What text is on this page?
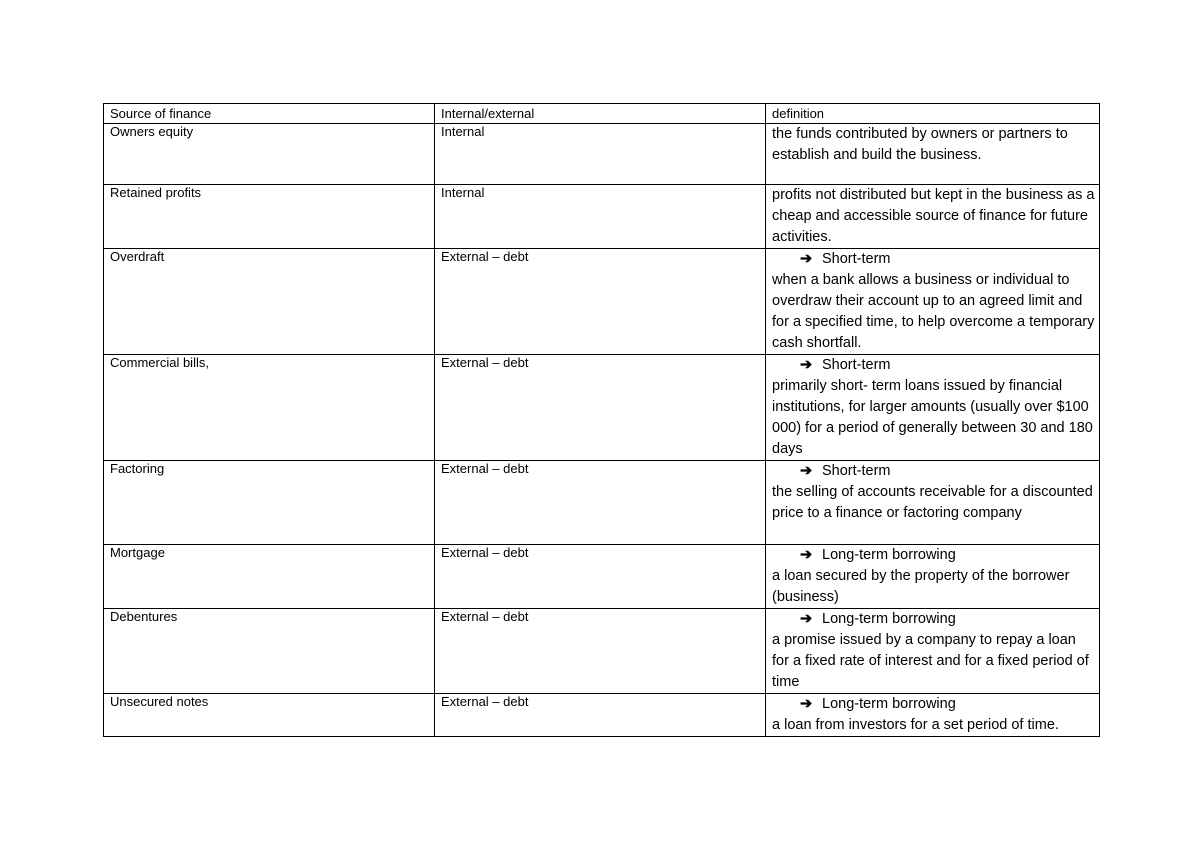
Source of finance	Internal/external	definition
Owners equity	Internal	the funds contributed by owners or partners to establish and build the business.

Retained profits	Internal	profits not distributed but kept in the business as a cheap and accessible source of finance for future activities.

Overdraft	External – debt	➔ Short-term
when a bank allows a business or individual to overdraw their account up to an agreed limit and for a specified time, to help overcome a temporary cash shortfall.

Commercial bills,	External – debt	➔ Short-term
primarily short- term loans issued by financial institutions, for larger amounts (usually over $100 000) for a period of generally between 30 and 180 days

Factoring	External – debt	➔ Short-term
the selling of accounts receivable for a discounted price to a finance or factoring company

Mortgage	External – debt	➔ Long-term borrowing
a loan secured by the property of the borrower (business)

Debentures	External – debt	➔ Long-term borrowing
a promise issued by a company to repay a loan for a fixed rate of interest and for a fixed period of time

Unsecured notes	External – debt	➔ Long-term borrowing
a loan from investors for a set period of time.
